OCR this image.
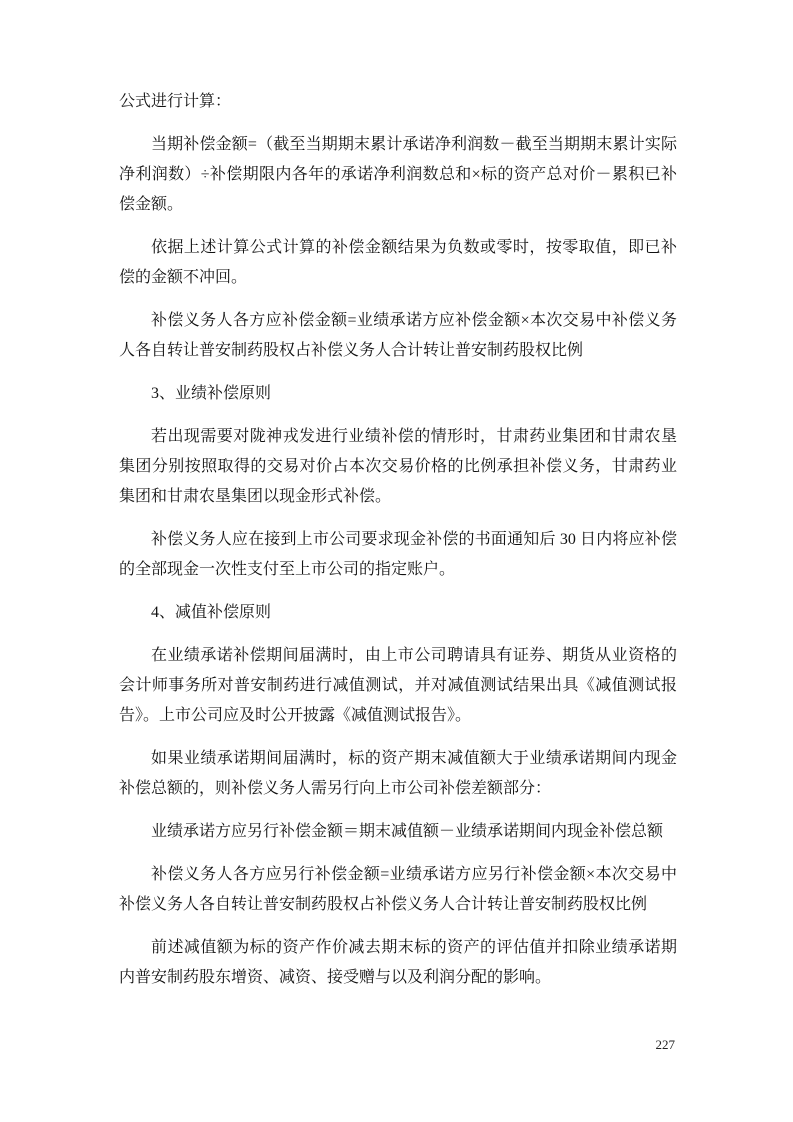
公式进行计算：

当期补偿金额=（截至当期期末累计承诺净利润数－截至当期期末累计实际净利润数）÷补偿期限内各年的承诺净利润数总和×标的资产总对价－累积已补偿金额。

依据上述计算公式计算的补偿金额结果为负数或零时，按零取值，即已补偿的金额不冲回。

补偿义务人各方应补偿金额=业绩承诺方应补偿金额×本次交易中补偿义务人各自转让普安制药股权占补偿义务人合计转让普安制药股权比例

3、业绩补偿原则

若出现需要对陇神戎发进行业绩补偿的情形时，甘肃药业集团和甘肃农垦集团分别按照取得的交易对价占本次交易价格的比例承担补偿义务，甘肃药业集团和甘肃农垦集团以现金形式补偿。

补偿义务人应在接到上市公司要求现金补偿的书面通知后 30 日内将应补偿的全部现金一次性支付至上市公司的指定账户。

4、减值补偿原则

在业绩承诺补偿期间届满时，由上市公司聘请具有证券、期货从业资格的会计师事务所对普安制药进行减值测试，并对减值测试结果出具《减值测试报告》。上市公司应及时公开披露《减值测试报告》。

如果业绩承诺期间届满时，标的资产期末减值额大于业绩承诺期间内现金补偿总额的，则补偿义务人需另行向上市公司补偿差额部分：

业绩承诺方应另行补偿金额＝期末减值额－业绩承诺期间内现金补偿总额

补偿义务人各方应另行补偿金额=业绩承诺方应另行补偿金额×本次交易中补偿义务人各自转让普安制药股权占补偿义务人合计转让普安制药股权比例

前述减值额为标的资产作价减去期末标的资产的评估值并扣除业绩承诺期内普安制药股东增资、减资、接受赠与以及利润分配的影响。

227
